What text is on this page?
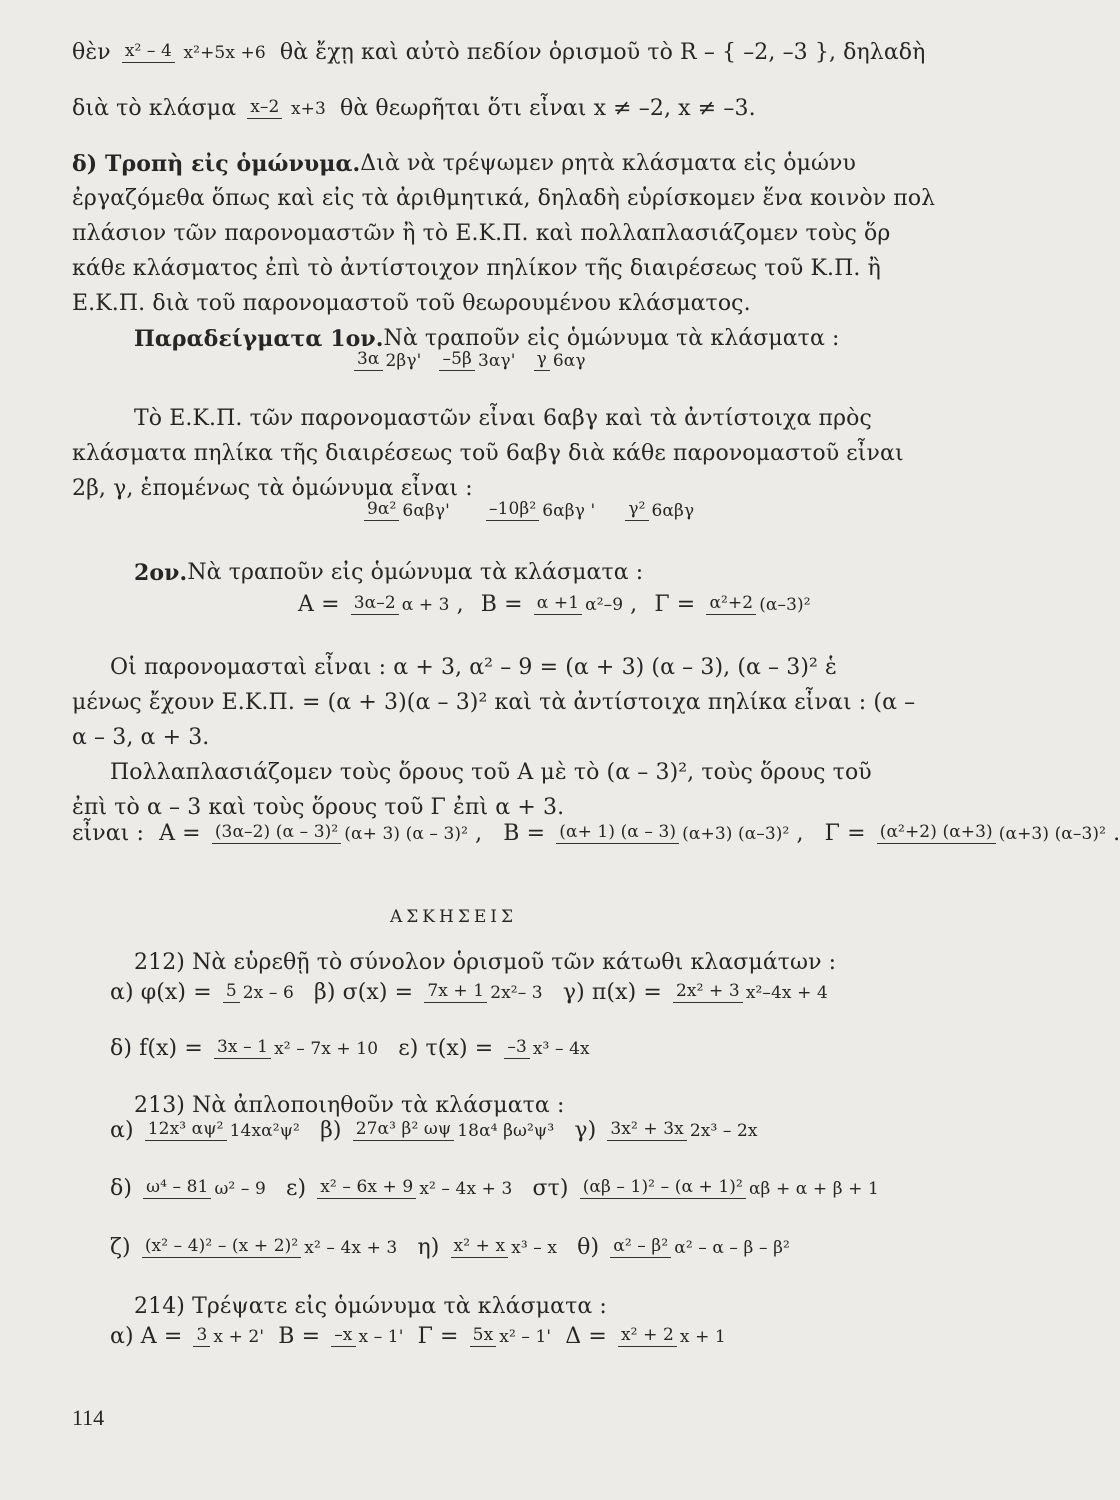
θὲν x² – 4 x²+5x +6 θὰ ἔχῃ καὶ αὐτὸ πεδίον ὁρισμοῦ τὸ R – { –2, –3 }, δηλαδὴ
διὰ τὸ κλάσμα x–2 x+3 θὰ θεωρῆται ὅτι εἶναι x ≠ –2, x ≠ –3.
δ) Τροπὴ εἰς ὁμώνυμα.Διὰ νὰ τρέψωμεν ρητὰ κλάσματα εἰς ὁμώνυ
ἐργαζόμεθα ὅπως καὶ εἰς τὰ ἀριθμητικά, δηλαδὴ εὑρίσκομεν ἕνα κοινὸν πολ
πλάσιον τῶν παρονομαστῶν ἢ τὸ Ε.Κ.Π. καὶ πολλαπλασιάζομεν τοὺς ὅρ
κάθε κλάσματος ἐπὶ τὸ ἀντίστοιχον πηλίκον τῆς διαιρέσεως τοῦ Κ.Π. ἢ
Ε.Κ.Π. διὰ τοῦ παρονομαστοῦ τοῦ θεωρουμένου κλάσματος.
Παραδείγματα 1ον.Νὰ τραποῦν εἰς ὁμώνυμα τὰ κλάσματα :
3α 2βγ' –5β 3αγ' γ 6αγ
Τὸ Ε.Κ.Π. τῶν παρονομαστῶν εἶναι 6αβγ καὶ τὰ ἀντίστοιχα πρὸς
κλάσματα πηλίκα τῆς διαιρέσεως τοῦ 6αβγ διὰ κάθε παρονομαστοῦ εἶναι
2β, γ, ἑπομένως τὰ ὁμώνυμα εἶναι :
9α² 6αβγ' –10β² 6αβγ ' γ² 6αβγ
2ον.Νὰ τραποῦν εἰς ὁμώνυμα τὰ κλάσματα :
Α = 3α–2 α + 3 , Β = α +1 α²–9 , Γ = α²+2 (α–3)²
Οἱ παρονομασταὶ εἶναι : α + 3, α² – 9 = (α + 3) (α – 3), (α – 3)² ἑ
μένως ἔχουν Ε.Κ.Π. = (α + 3)(α – 3)² καὶ τὰ ἀντίστοιχα πηλίκα εἶναι : (α –
α – 3, α + 3.
Πολλαπλασιάζομεν τοὺς ὅρους τοῦ Α μὲ τὸ (α – 3)², τοὺς ὅρους τοῦ
ἐπὶ τὸ α – 3 καὶ τοὺς ὅρους τοῦ Γ ἐπὶ α + 3.
εἶναι : Α = (3α–2) (α – 3)² (α+ 3) (α – 3)² , Β = (α+ 1) (α – 3) (α+3) (α–3)² , Γ = (α²+2) (α+3) (α+3) (α–3)² .
ΑΣΚΗΣΕΙΣ
212) Νὰ εὑρεθῇ τὸ σύνολον ὁρισμοῦ τῶν κάτωθι κλασμάτων :
α) φ(x) = 5 2x – 6 β) σ(x) = 7x + 1 2x²– 3 γ) π(x) = 2x² + 3 x²–4x + 4
δ) f(x) = 3x – 1 x² – 7x + 10 ε) τ(x) = –3 x³ – 4x
213) Νὰ ἀπλοποιηθοῦν τὰ κλάσματα :
α) 12x³ αψ² 14xα²ψ² β) 27α³ β² ωψ 18α⁴ βω²ψ³ γ) 3x² + 3x 2x³ – 2x
δ) ω⁴ – 81 ω² – 9 ε) x² – 6x + 9 x² – 4x + 3 στ) (αβ – 1)² – (α + 1)² αβ + α + β + 1
ζ) (x² – 4)² – (x + 2)² x² – 4x + 3 η) x² + x x³ – x θ) α² – β² α² – α – β – β²
214) Τρέψατε εἰς ὁμώνυμα τὰ κλάσματα :
α) Α = 3 x + 2' Β = –x x – 1' Γ = 5x x² – 1' Δ = x² + 2 x + 1
114
